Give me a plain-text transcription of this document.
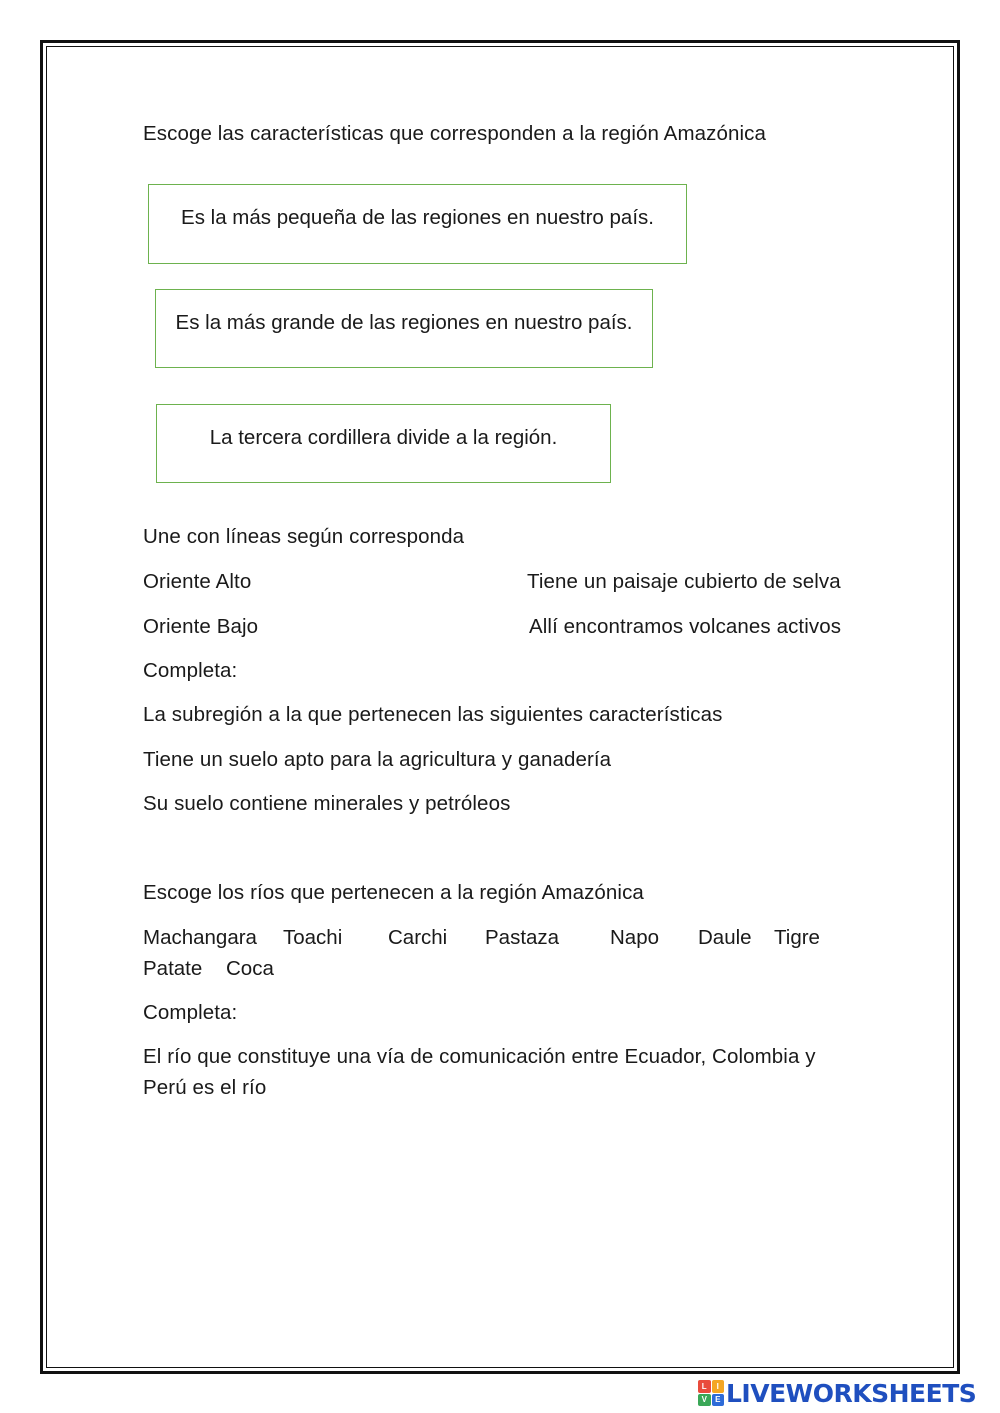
Escoge las características que corresponden a la región Amazónica
Es la más pequeña de las regiones en nuestro país.
Es la más grande de las regiones en nuestro país.
La tercera cordillera divide a la región.
Une con líneas según corresponda
Oriente Alto	Tiene un paisaje cubierto de selva
Oriente Bajo	Allí encontramos volcanes activos
Completa:
La subregión a la que pertenecen las siguientes características
Tiene un suelo apto para la agricultura y ganadería
Su suelo contiene minerales y petróleos
Escoge los ríos que pertenecen a la región Amazónica
Machangara Toachi Carchi Pastaza Napo Daule Tigre
Patate Coca
Completa:
El río que constituye una vía de comunicación entre Ecuador, Colombia y
Perú es el río
L	I
V	E LIVEWORKSHEETS
